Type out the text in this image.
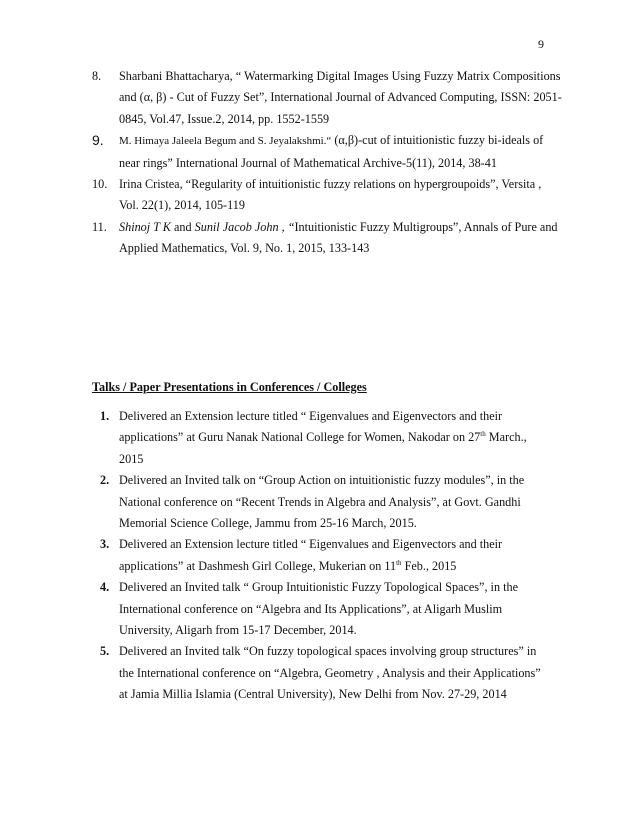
9
8. Sharbani Bhattacharya, “ Watermarking Digital Images Using Fuzzy Matrix Compositions and (α, β) - Cut of Fuzzy Set”, International Journal of Advanced Computing, ISSN: 2051-0845, Vol.47, Issue.2, 2014, pp. 1552-1559
9. M. Himaya Jaleela Begum and S. Jeyalakshmi.“ (α,β)-cut of intuitionistic fuzzy bi-ideals of near rings” International Journal of Mathematical Archive-5(11), 2014, 38-41
10. Irina Cristea, “Regularity of intuitionistic fuzzy relations on hypergroupoids”, Versita , Vol. 22(1), 2014, 105-119
11. Shinoj T K and Sunil Jacob John , “Intuitionistic Fuzzy Multigroups”, Annals of Pure and Applied Mathematics, Vol. 9, No. 1, 2015, 133-143
Talks / Paper Presentations in Conferences / Colleges
1. Delivered an Extension lecture titled “ Eigenvalues and Eigenvectors and their applications” at Guru Nanak National College for Women, Nakodar on 27th March., 2015
2. Delivered an Invited talk on “Group Action on intuitionistic fuzzy modules”, in the National conference on “Recent Trends in Algebra and Analysis”, at Govt. Gandhi Memorial Science College, Jammu from 25-16 March, 2015.
3. Delivered an Extension lecture titled “ Eigenvalues and Eigenvectors and their applications” at Dashmesh Girl College, Mukerian on 11th Feb., 2015
4. Delivered an Invited talk “ Group Intuitionistic Fuzzy Topological Spaces”, in the International conference on “Algebra and Its Applications”, at Aligarh Muslim University, Aligarh from 15-17 December, 2014.
5. Delivered an Invited talk “On fuzzy topological spaces involving group structures” in the International conference on “Algebra, Geometry , Analysis and their Applications” at Jamia Millia Islamia (Central University), New Delhi from Nov. 27-29, 2014
